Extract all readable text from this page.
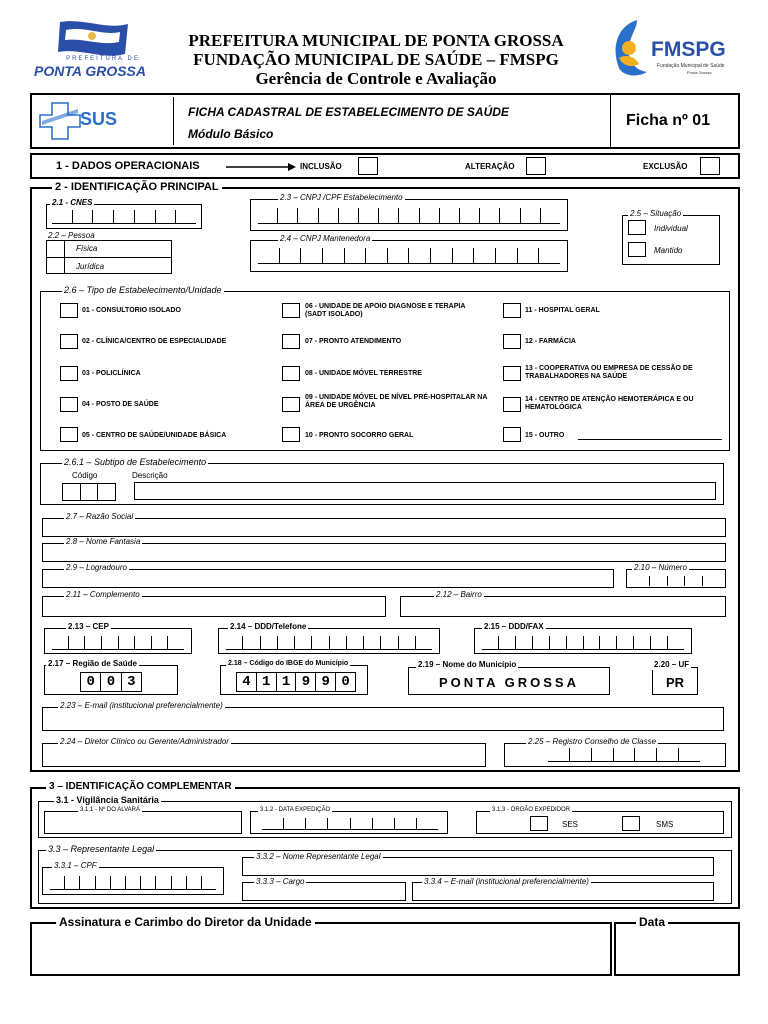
PREFEITURA DE
PONTA GROSSA
PREFEITURA MUNICIPAL DE PONTA GROSSA
FUNDAÇÃO MUNICIPAL DE SAÚDE – FMSPG
Gerência de Controle e Avaliação
FMSPG
Fundação Municipal de Saúde
Ponta Grossa
SUS	FICHA CADASTRAL DE ESTABELECIMENTO DE SAÚDE
Módulo Básico
Ficha nº 01
1 - DADOS OPERACIONAIS	INCLUSÃO	ALTERAÇÃO	EXCLUSÃO
2 - IDENTIFICAÇÃO PRINCIPAL
2.1 - CNES
2.2 – Pessoa
Física
Jurídica
2.3 – CNPJ /CPF Estabelecimento
2.4 – CNPJ Mantenedora
2.5 – Situação
Individual
Mantido
2.6 – Tipo de Estabelecimento/Unidade
01 - CONSULTORIO ISOLADO
02 - CLÍNICA/CENTRO DE ESPECIALIDADE
03 - POLICLÍNICA
04 - POSTO DE SAÚDE
05 - CENTRO DE SAÚDE/UNIDADE BÁSICA
06 - UNIDADE DE APOIO DIAGNOSE E TERAPIA (SADT ISOLADO)
07 - PRONTO ATENDIMENTO
08 - UNIDADE MÓVEL TERRESTRE
09 - UNIDADE MÓVEL DE NÍVEL PRÉ-HOSPITALAR NA ÁREA DE URGÊNCIA
10 - PRONTO SOCORRO GERAL
11 - HOSPITAL GERAL
12 - FARMÁCIA
13 - COOPERATIVA OU EMPRESA DE CESSÃO DE TRABALHADORES NA SAÚDE
14 - CENTRO DE ATENÇÃO HEMOTERÁPICA E OU HEMATOLÓGICA
15 - OUTRO
2.6.1 – Subtipo de Estabelecimento
Código	Descrição
2.7 – Razão Social
2.8 – Nome Fantasia
2.9 – Logradouro	2.10 – Número
2.11 – Complemento	2.12 – Bairro
2.13 – CEP	2.14 – DDD/Telefone	2.15 – DDD/FAX
2.17 – Região de Saúde
0 0 3
2.18 – Código do IBGE do Município
4 1 1 9 9 0
2.19 – Nome do Município
PONTA GROSSA
2.20 – UF
PR
2.23 – E-mail (institucional preferencialmente)
2.24 – Diretor Clínico ou Gerente/Administrador	2.25 – Registro Conselho de Classe
3 – IDENTIFICAÇÃO COMPLEMENTAR
3.1 - Vigilância Sanitária
3.1.1 - Nº DO ALVARÁ	3.1.2 - DATA EXPEDIÇÃO	3.1.3 - ÓRGÃO EXPEDIDOR
SES	SMS
3.3 – Representante Legal
3.3.1 – CPF
3.3.2 – Nome Representante Legal
3.3.3 – Cargo	3.3.4 – E-mail (institucional preferencialmente)
Assinatura e Carimbo do Diretor da Unidade	Data
